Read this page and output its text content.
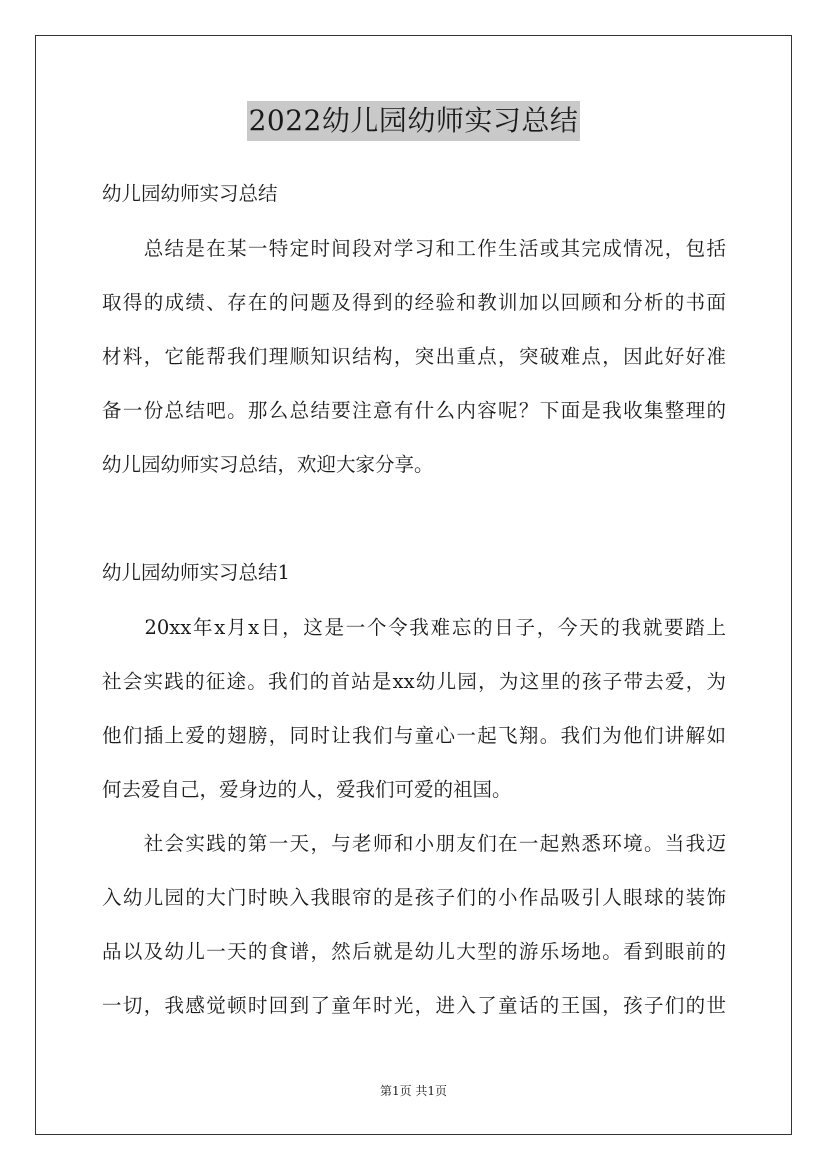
2022幼儿园幼师实习总结
幼儿园幼师实习总结
　　总结是在某一特定时间段对学习和工作生活或其完成情况，包括
取得的成绩、存在的问题及得到的经验和教训加以回顾和分析的书面
材料，它能帮我们理顺知识结构，突出重点，突破难点，因此好好准
备一份总结吧。那么总结要注意有什么内容呢？下面是我收集整理的
幼儿园幼师实习总结，欢迎大家分享。
幼儿园幼师实习总结1
　　20xx年x月x日，这是一个令我难忘的日子，今天的我就要踏上
社会实践的征途。我们的首站是xx幼儿园，为这里的孩子带去爱，为
他们插上爱的翅膀，同时让我们与童心一起飞翔。我们为他们讲解如
何去爱自己，爱身边的人，爱我们可爱的祖国。
　　社会实践的第一天，与老师和小朋友们在一起熟悉环境。当我迈
入幼儿园的大门时映入我眼帘的是孩子们的小作品吸引人眼球的装饰
品以及幼儿一天的食谱，然后就是幼儿大型的游乐场地。看到眼前的
一切，我感觉顿时回到了童年时光，进入了童话的王国，孩子们的世
第1页 共1页
